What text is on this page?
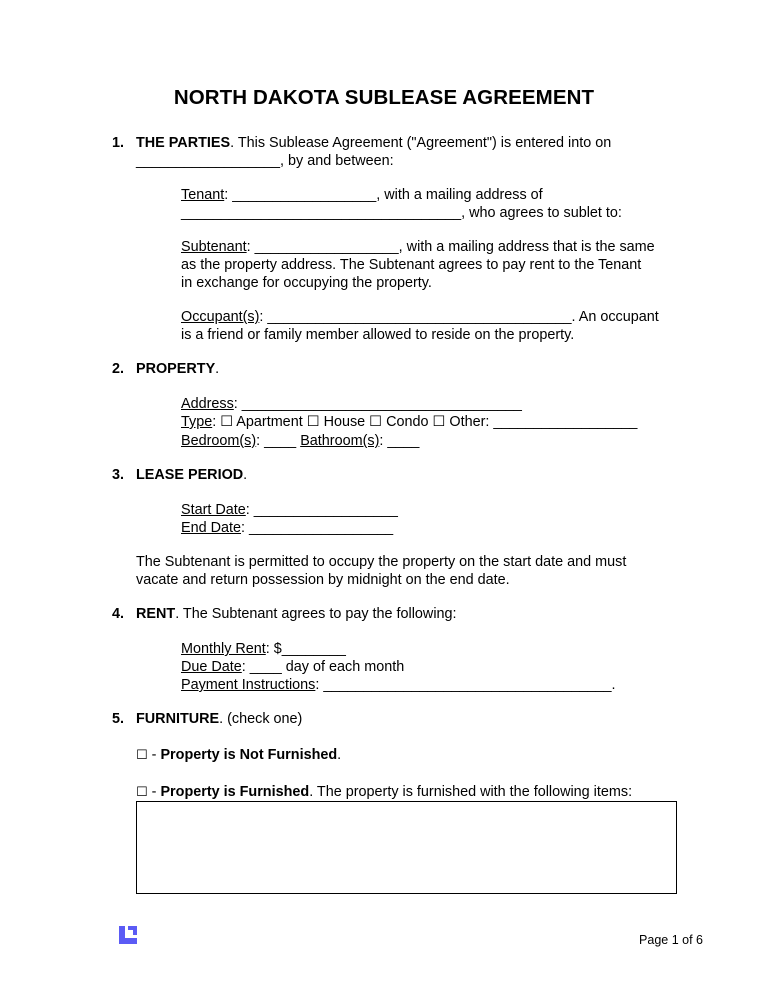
NORTH DAKOTA SUBLEASE AGREEMENT
1. THE PARTIES. This Sublease Agreement ("Agreement") is entered into on

__________________, by and between:

Tenant: __________________, with a mailing address of

___________________________________, who agrees to sublet to:

Subtenant: __________________, with a mailing address that is the same

as the property address. The Subtenant agrees to pay rent to the Tenant

in exchange for occupying the property.

Occupant(s): ______________________________________. An occupant

is a friend or family member allowed to reside on the property.

2. PROPERTY.

Address: ___________________________________

Type: ☐ Apartment ☐ House ☐ Condo ☐ Other: __________________

Bedroom(s): ____ Bathroom(s): ____

3. LEASE PERIOD.

Start Date: __________________

End Date: __________________

The Subtenant is permitted to occupy the property on the start date and must

vacate and return possession by midnight on the end date.

4. RENT. The Subtenant agrees to pay the following:

Monthly Rent: $________

Due Date: ____ day of each month

Payment Instructions: ____________________________________.

5. FURNITURE. (check one)

☐ - Property is Not Furnished.

☐ - Property is Furnished. The property is furnished with the following items:

Page 1 of 6
